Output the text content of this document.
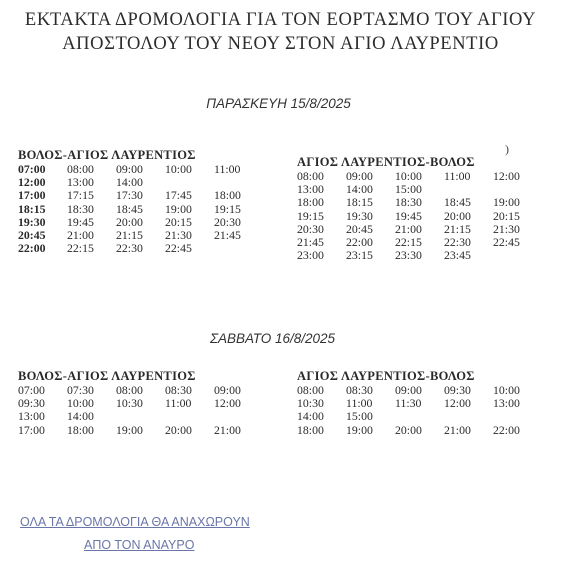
ΕΚΤΑΚΤΑ ΔΡΟΜΟΛΟΓΙΑ ΓΙΑ ΤΟΝ ΕΟΡΤΑΣΜΟ ΤΟΥ ΑΓΙΟΥ
ΑΠΟΣΤΟΛΟΥ ΤΟΥ ΝΕΟΥ ΣΤΟΝ ΑΓΙΟ ΛΑΥΡΕΝΤΙΟ
ΠΑΡΑΣΚΕΥΗ 15/8/2025
)
ΒΟΛΟΣ-ΑΓΙΟΣ ΛΑΥΡΕΝΤΙΟΣ
07:00	08:00	09:00	10:00	11:00
12:00	13:00	14:00
17:00	17:15	17:30	17:45	18:00
18:15	18:30	18:45	19:00	19:15
19:30	19:45	20:00	20:15	20:30
20:45	21:00	21:15	21:30	21:45
22:00	22:15	22:30	22:45
ΑΓΙΟΣ ΛΑΥΡΕΝΤΙΟΣ-ΒΟΛΟΣ
08:00	09:00	10:00	11:00	12:00
13:00	14:00	15:00
18:00	18:15	18:30	18:45	19:00
19:15	19:30	19:45	20:00	20:15
20:30	20:45	21:00	21:15	21:30
21:45	22:00	22:15	22:30	22:45
23:00	23:15	23:30	23:45
ΣΑΒΒΑΤΟ 16/8/2025
ΒΟΛΟΣ-ΑΓΙΟΣ ΛΑΥΡΕΝΤΙΟΣ
07:00	07:30	08:00	08:30	09:00
09:30	10:00	10:30	11:00	12:00
13:00	14:00
17:00	18:00	19:00	20:00	21:00
ΑΓΙΟΣ ΛΑΥΡΕΝΤΙΟΣ-ΒΟΛΟΣ
08:00	08:30	09:00	09:30	10:00
10:30	11:00	11:30	12:00	13:00
14:00	15:00
18:00	19:00	20:00	21:00	22:00
ΟΛΑ ΤΑ ΔΡΟΜΟΛΟΓΙΑ ΘΑ ΑΝΑΧΩΡΟΥΝ
ΑΠΟ ΤΟΝ ΑΝΑΥΡΟ
